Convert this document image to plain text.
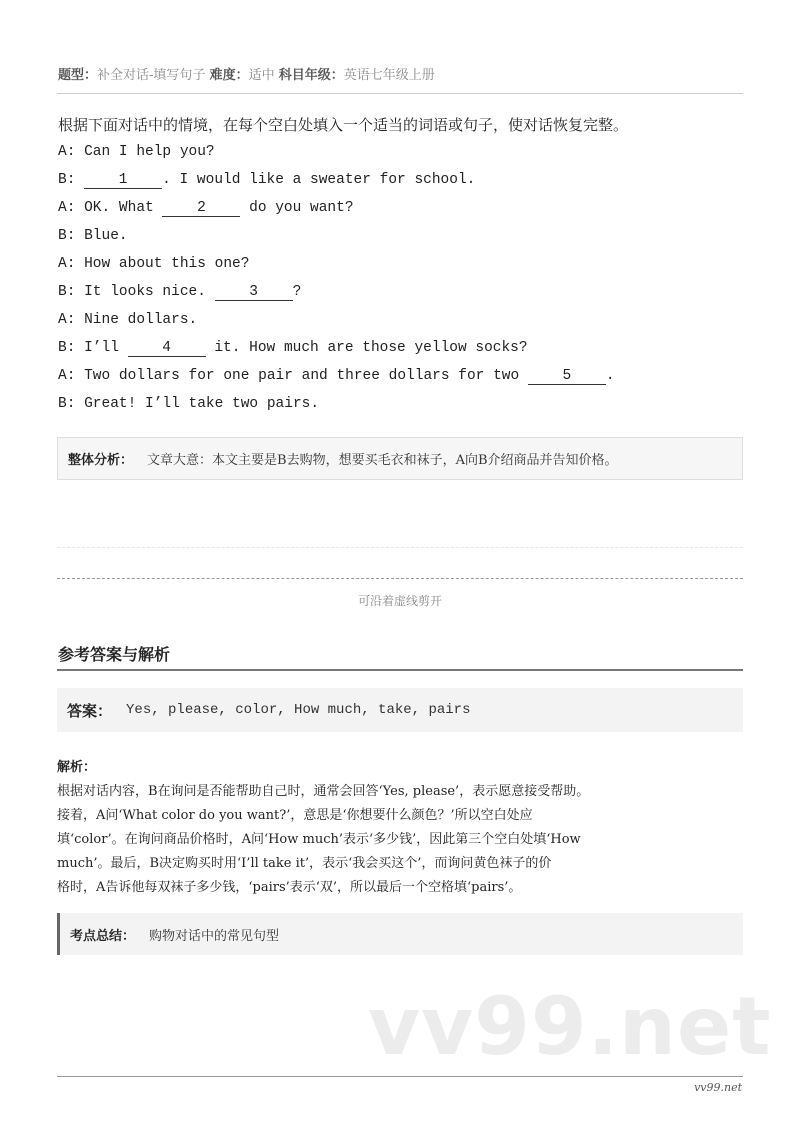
题型：补全对话-填写句子 难度：适中 科目年级：英语七年级上册
根据下面对话中的情境，在每个空白处填入一个适当的词语或句子，使对话恢复完整。
A: Can I help you?
B: 1 . I would like a sweater for school.
A: OK. What 2 do you want?
B: Blue.
A: How about this one?
B: It looks nice. 3 ?
A: Nine dollars.
B: I’ll 4 it. How much are those yellow socks?
A: Two dollars for one pair and three dollars for two 5 .
B: Great! I’ll take two pairs.
整体分析： 文章大意：本文主要是B去购物，想要买毛衣和袜子，A向B介绍商品并告知价格。
可沿着虚线剪开
参考答案与解析
答案： Yes, please, color, How much, take, pairs
解析：
根据对话内容，B在询问是否能帮助自己时，通常会回答‘Yes, please’，表示愿意接受帮助。
接着，A问‘What color do you want?’，意思是‘你想要什么颜色？’所以空白处应
填‘color’。在询问商品价格时，A问‘How much’表示‘多少钱’，因此第三个空白处填‘How
much’。最后，B决定购买时用‘I’ll take it’，表示‘我会买这个’，而询问黄色袜子的价
格时，A告诉他每双袜子多少钱，‘pairs’表示‘双’，所以最后一个空格填‘pairs’。
考点总结： 购物对话中的常见句型
vv99.net
vv99.net
